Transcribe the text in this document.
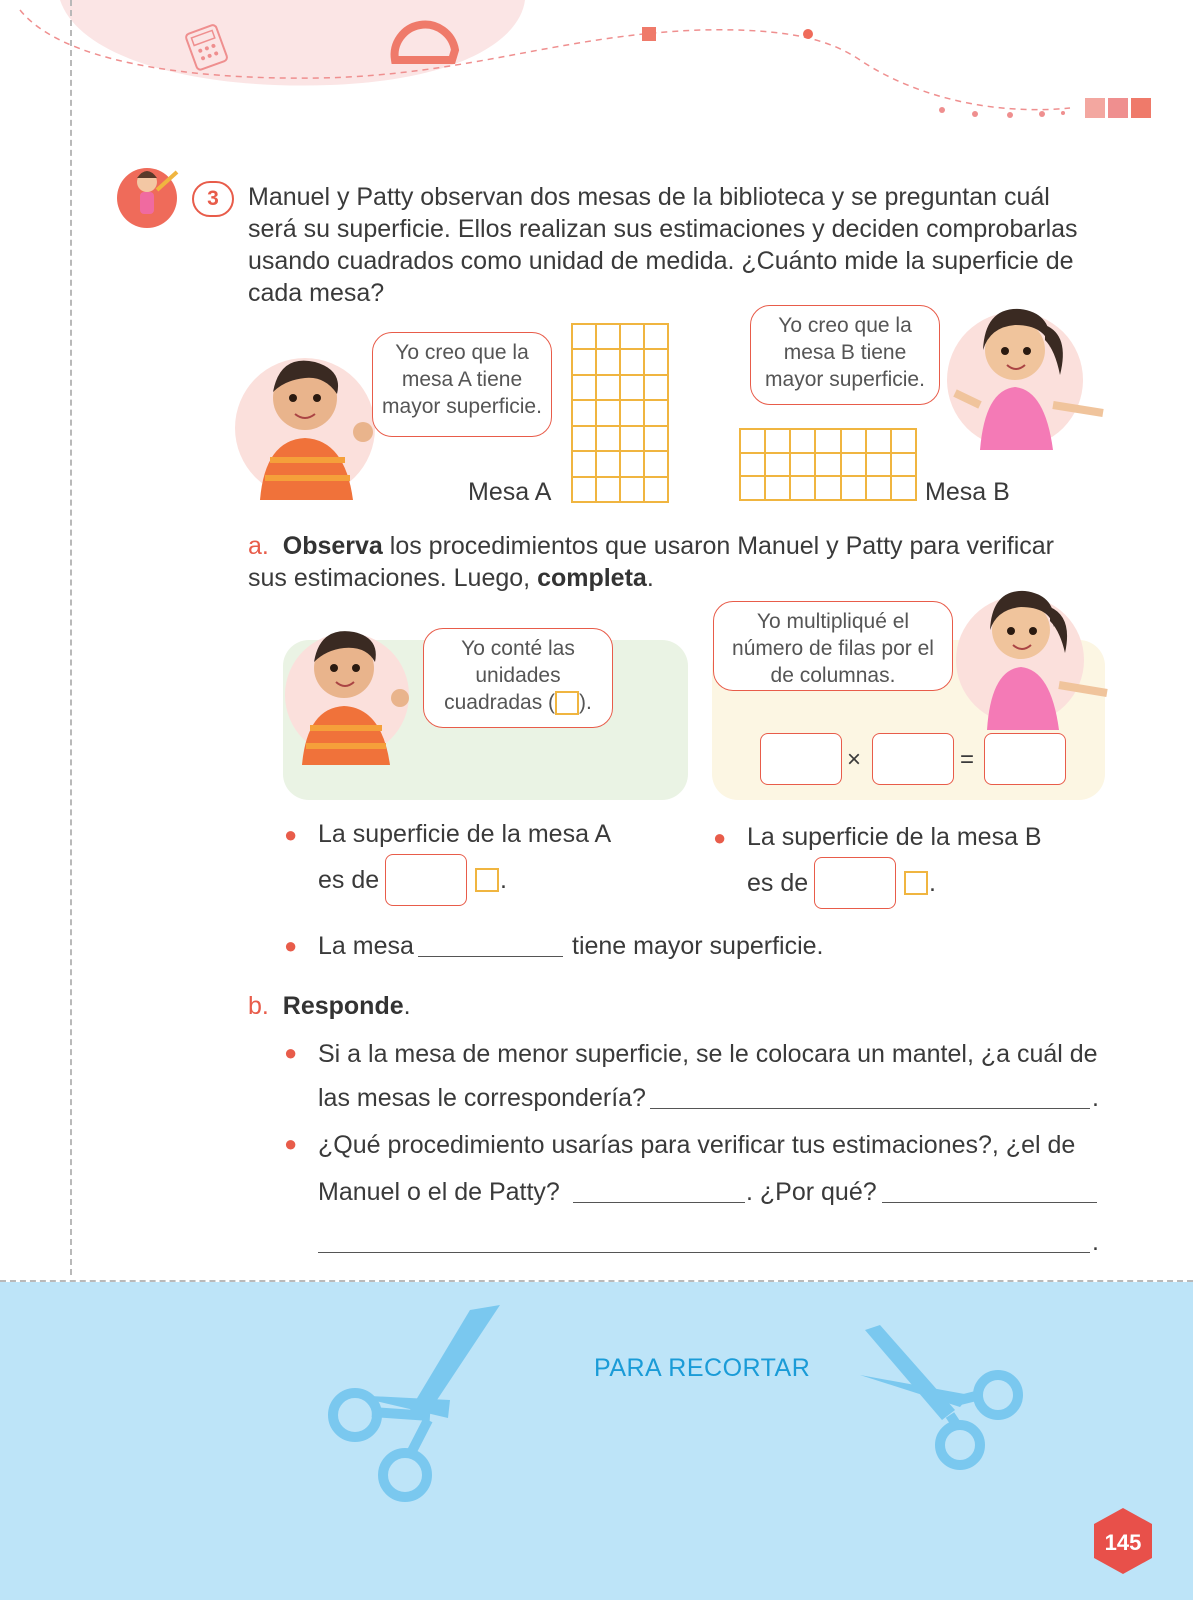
3	Manuel y Patty observan dos mesas de la biblioteca y se preguntan cuál será su superficie. Ellos realizan sus estimaciones y deciden comprobarlas usando cuadrados como unidad de medida. ¿Cuánto mide la superficie de cada mesa?
Yo creo que la mesa A tiene mayor superficie.
Mesa A
Yo creo que la mesa B tiene mayor superficie.
Mesa B
a. Observa los procedimientos que usaron Manuel y Patty para verificar sus estimaciones. Luego, completa.
Yo conté las unidades cuadradas ( ).
Yo multipliqué el número de filas por el de columnas.
×	=
● La superficie de la mesa A
es de	.
● La superficie de la mesa B
es de	.
● La mesa	tiene mayor superficie.
b. Responde.
● Si a la mesa de menor superficie, se le colocara un mantel, ¿a cuál de
las mesas le correspondería?	.
● ¿Qué procedimiento usarías para verificar tus estimaciones?, ¿el de
Manuel o el de Patty?	. ¿Por qué?
.
PARA RECORTAR
145
